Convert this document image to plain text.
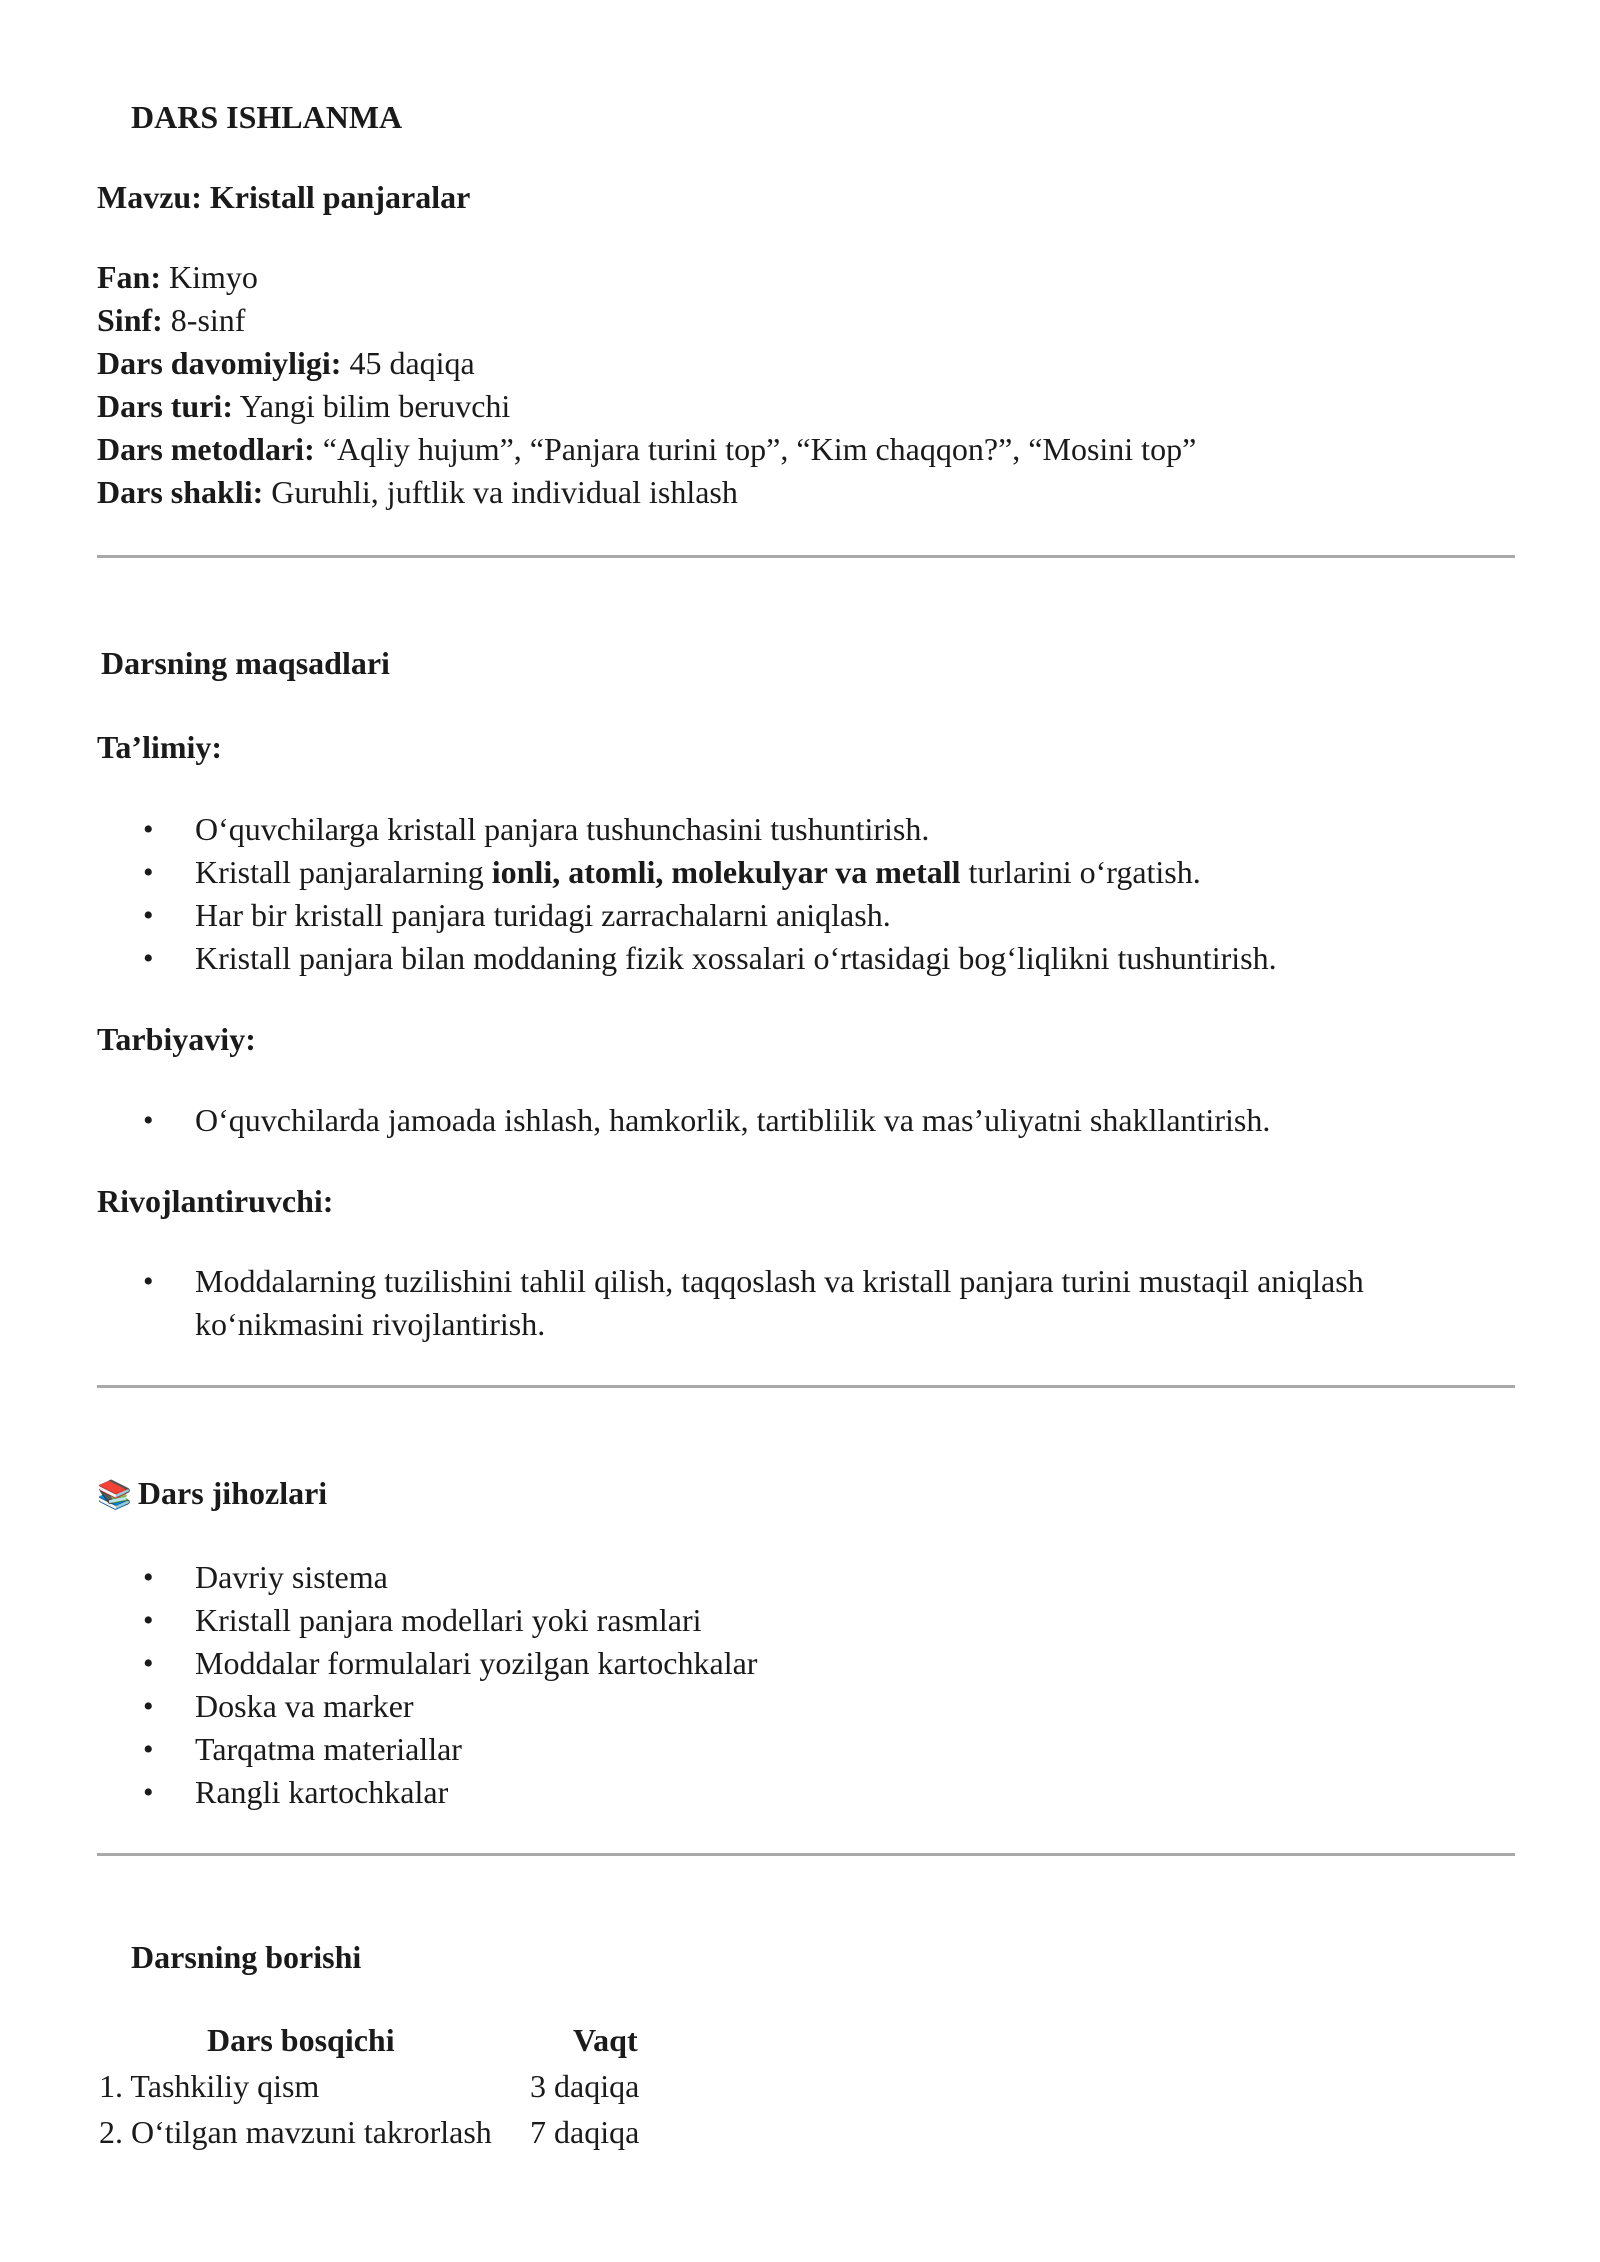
DARS ISHLANMA
Mavzu: Kristall panjaralar
Fan: Kimyo
Sinf: 8-sinf
Dars davomiyligi: 45 daqiqa
Dars turi: Yangi bilim beruvchi
Dars metodlari: “Aqliy hujum”, “Panjara turini top”, “Kim chaqqon?”, “Mosini top”
Dars shakli: Guruhli, juftlik va individual ishlash
Darsning maqsadlari
Ta’limiy:
• O‘quvchilarga kristall panjara tushunchasini tushuntirish.
• Kristall panjaralarning ionli, atomli, molekulyar va metall turlarini o‘rgatish.
• Har bir kristall panjara turidagi zarrachalarni aniqlash.
• Kristall panjara bilan moddaning fizik xossalari o‘rtasidagi bog‘liqlikni tushuntirish.
Tarbiyaviy:
• O‘quvchilarda jamoada ishlash, hamkorlik, tartiblilik va mas’uliyatni shakllantirish.
Rivojlantiruvchi:
• Moddalarning tuzilishini tahlil qilish, taqqoslash va kristall panjara turini mustaqil aniqlash
ko‘nikmasini rivojlantirish.
📚 Dars jihozlari
• Davriy sistema
• Kristall panjara modellari yoki rasmlari
• Moddalar formulalari yozilgan kartochkalar
• Doska va marker
• Tarqatma materiallar
• Rangli kartochkalar
Darsning borishi
Dars bosqichi	Vaqt
1. Tashkiliy qism	3 daqiqa
2. O‘tilgan mavzuni takrorlash 7 daqiqa
